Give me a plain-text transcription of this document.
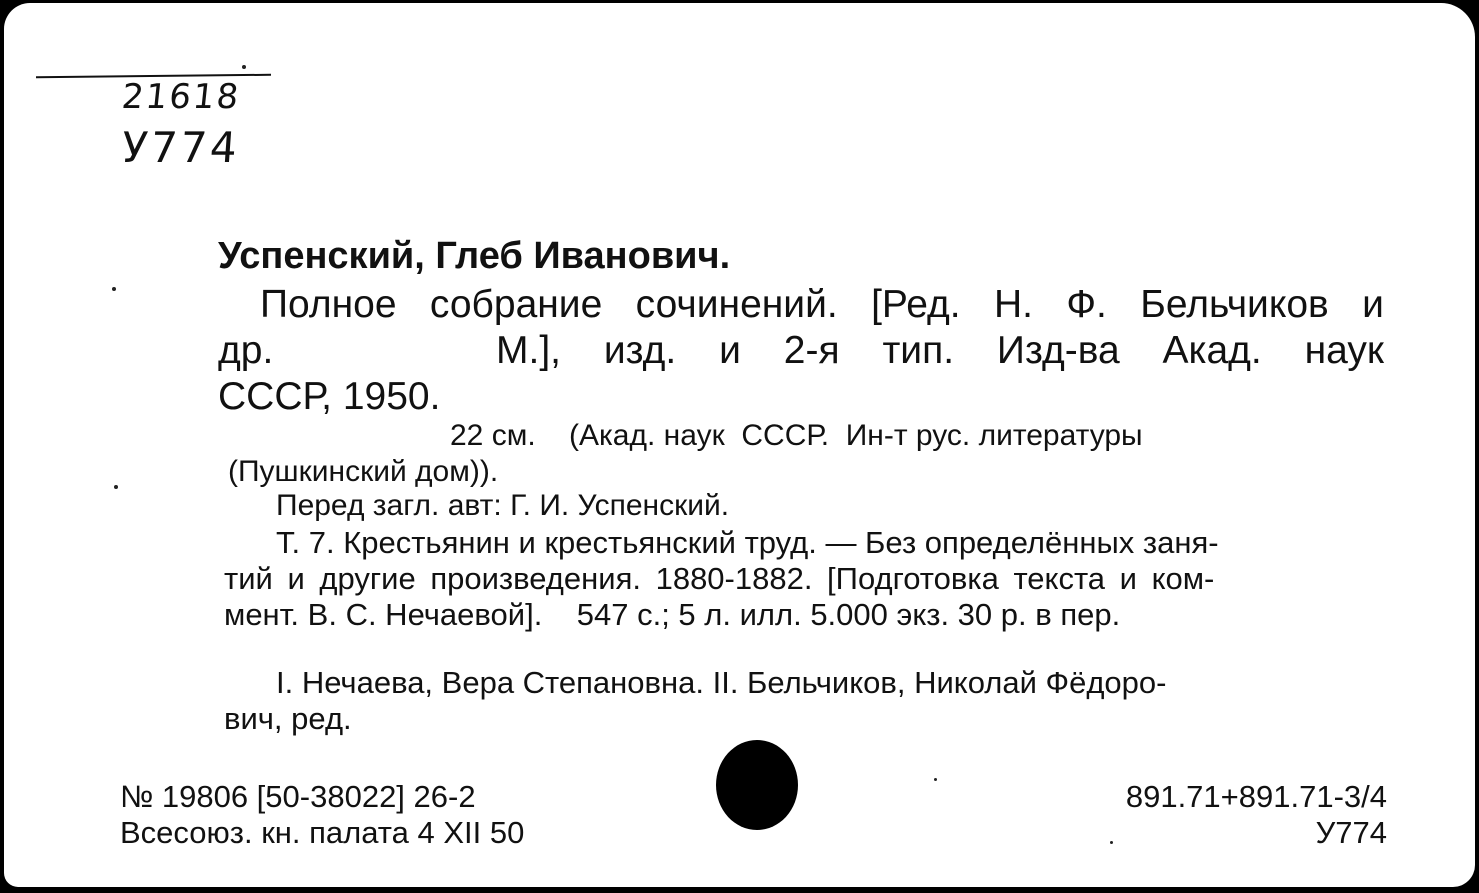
21618
У774
Успенский, Глеб Иванович.
Полное собрание сочинений. [Ред. Н. Ф. Бельчиков и
др.	М.], изд. и 2-я тип. Изд-ва Акад. наук
СССР, 1950.
22 см.    (Акад. наук  СССР.  Ин-т рус. литературы
(Пушкинский дом)).
Перед загл. авт: Г. И. Успенский.
Т. 7. Крестьянин и крестьянский труд. — Без определённых заня-
тий и другие произведения. 1880-1882. [Подготовка текста и ком-
мент. В. С. Нечаевой].    547 с.; 5 л. илл. 5.000 экз. 30 р. в пер.
I. Нечаева, Вера Степановна. II. Бельчиков, Николай Фёдоро-
вич, ред.
№ 19806 [50-38022] 26-2
Всесоюз. кн. палата 4 XII 50
891.71+891.71-3/4
У774
